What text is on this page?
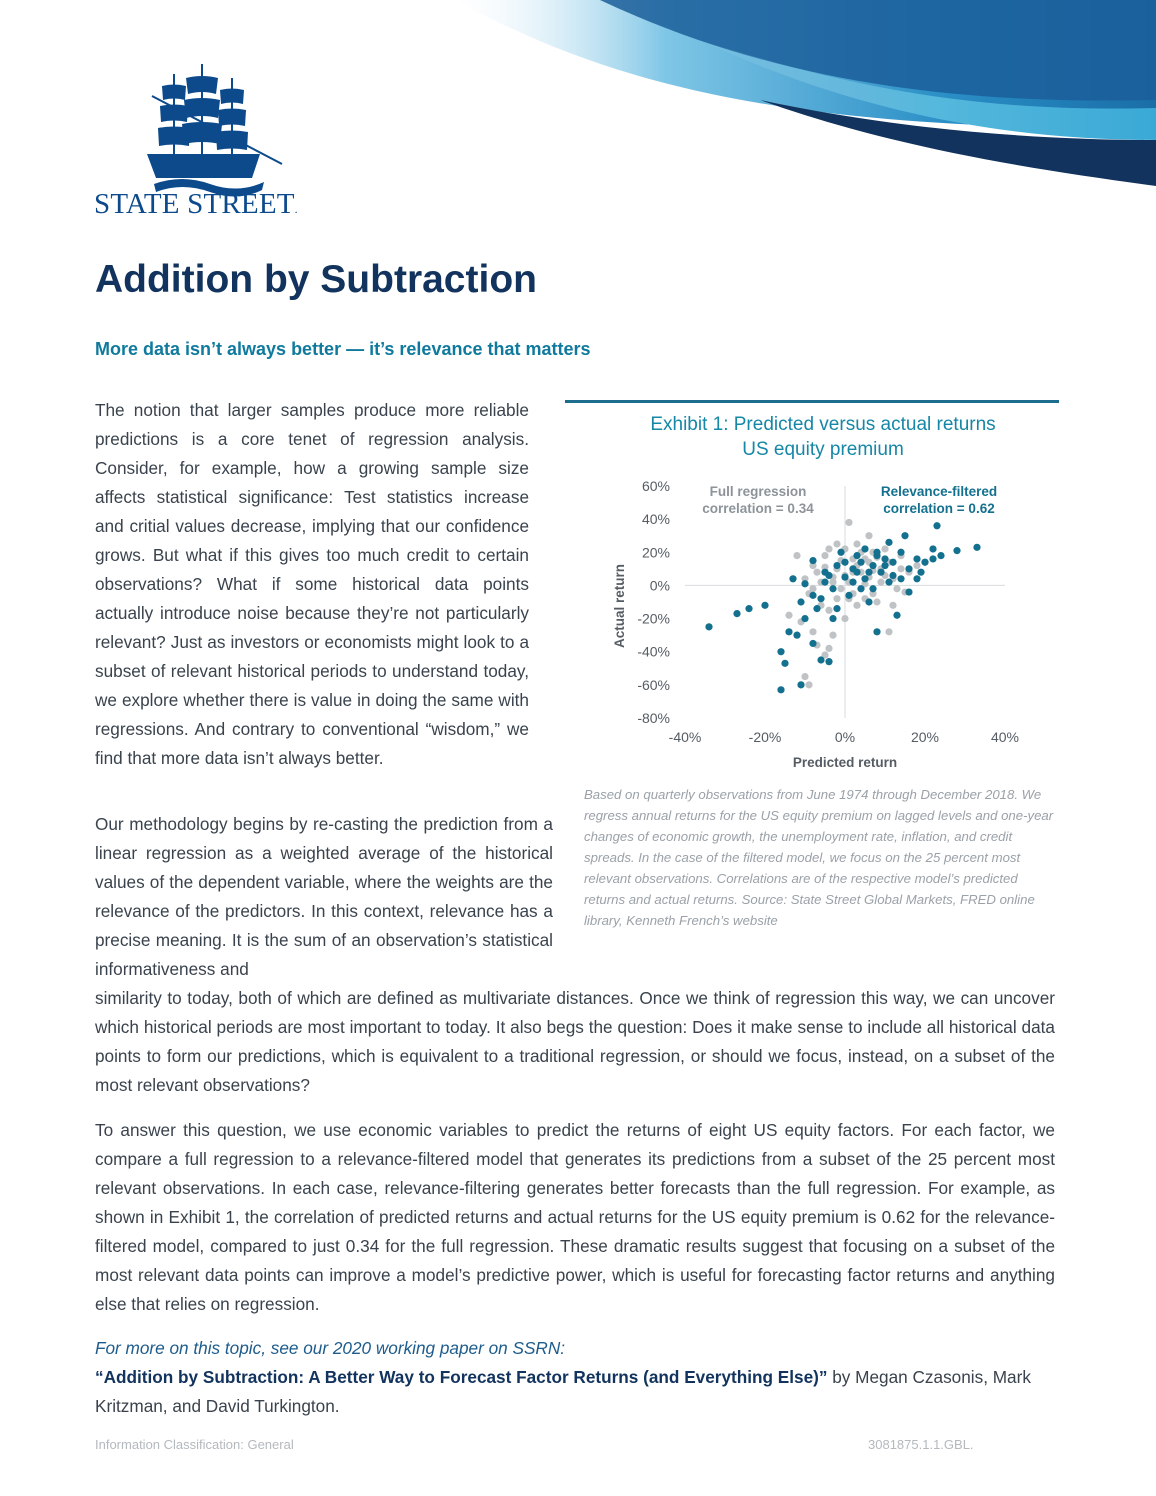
STATE STREET.
Addition by Subtraction
More data isn’t always better — it’s relevance that matters

The notion that larger samples produce more reliable predictions is a core tenet of regression analysis. Consider, for example, how a growing sample size affects statistical significance: Test statistics increase and critial values decrease, implying that our confidence grows. But what if this gives too much credit to certain observations? What if some historical data points actually introduce noise because they’re not particularly relevant? Just as investors or economists might look to a subset of relevant historical periods to understand today, we explore whether there is value in doing the same with regressions. And contrary to conventional “wisdom,” we find that more data isn’t always better.

Our methodology begins by re-casting the prediction from a linear regression as a weighted average of the historical values of the dependent variable, where the weights are the relevance of the predictors. In this context, relevance has a precise meaning. It is the sum of an observation’s statistical informativeness and

similarity to today, both of which are defined as multivariate distances. Once we think of regression this way, we can uncover which historical periods are most important to today. It also begs the question: Does it make sense to include all historical data points to form our predictions, which is equivalent to a traditional regression, or should we focus, instead, on a subset of the most relevant observations?

To answer this question, we use economic variables to predict the returns of eight US equity factors. For each factor, we compare a full regression to a relevance-filtered model that generates its predictions from a subset of the 25 percent most relevant observations. In each case, relevance-filtering generates better forecasts than the full regression. For example, as shown in Exhibit 1, the correlation of predicted returns and actual returns for the US equity premium is 0.62 for the relevance-filtered model, compared to just 0.34 for the full regression. These dramatic results suggest that focusing on a subset of the most relevant data points can improve a model’s predictive power, which is useful for forecasting factor returns and anything else that relies on regression.

Exhibit 1: Predicted versus actual returns
US equity premium
60%
40%
20%
0%
-20%
-40%
-60%
-80%
-40%	-20%	0%	20%	40%
Full regression
correlation = 0.34
Relevance-filtered
correlation = 0.62
Actual return
Predicted return

Based on quarterly observations from June 1974 through December 2018. We regress annual returns for the US equity premium on lagged levels and one-year changes of economic growth, the unemployment rate, inflation, and credit spreads. In the case of the filtered model, we focus on the 25 percent most relevant observations. Correlations are of the respective model’s predicted returns and actual returns. Source: State Street Global Markets, FRED online library, Kenneth French’s website

For more on this topic, see our 2020 working paper on SSRN:
“Addition by Subtraction: A Better Way to Forecast Factor Returns (and Everything Else)” by Megan Czasonis, Mark Kritzman, and David Turkington.

Information Classification: General	3081875.1.1.GBL.
